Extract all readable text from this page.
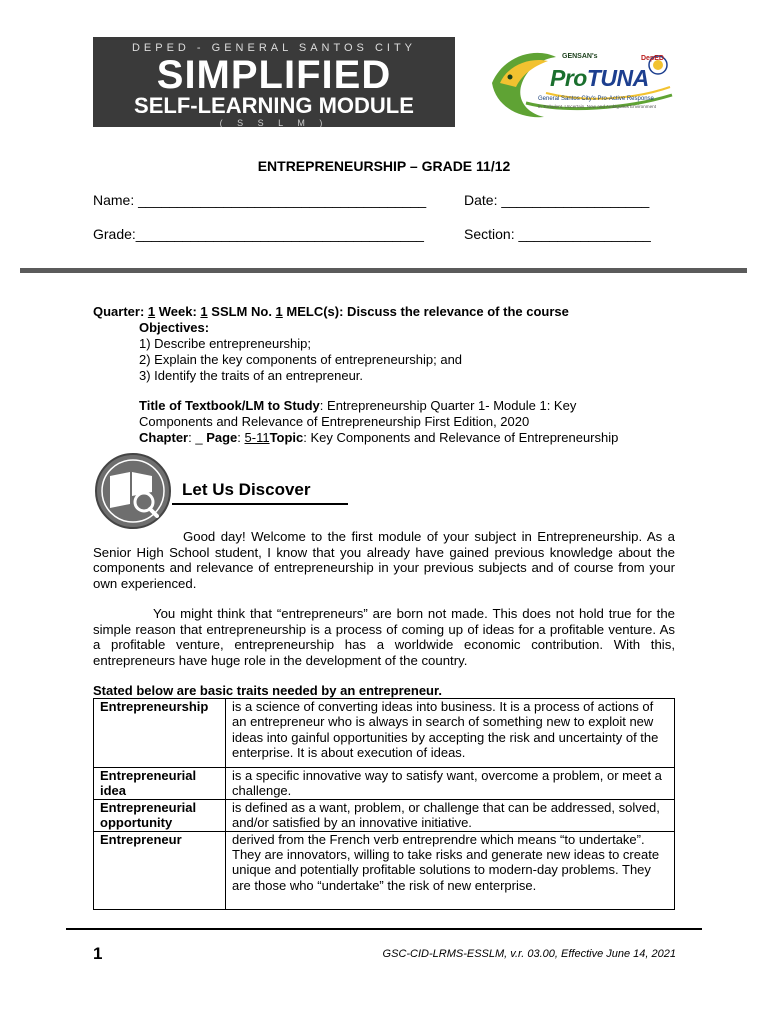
DEPED - GENERAL SANTOS CITY
SIMPLIFIED
SELF-LEARNING MODULE
( S S L M )
GENSAN's	DepED
ProTUNA
General Santos City's Pro-Active Response
in Turbulent, Uncertain, New and Ambiguous Environment
ENTREPRENEURSHIP – GRADE 11/12
Name: _____________________________________	Date: ___________________
Grade:_____________________________________	Section: _________________
Quarter: 1 Week: 1 SSLM No. 1 MELC(s): Discuss the relevance of the course
Objectives:
1) Describe entrepreneurship;
2) Explain the key components of entrepreneurship; and
3) Identify the traits of an entrepreneur.
Title of Textbook/LM to Study: Entrepreneurship Quarter 1- Module 1: Key
Components and Relevance of Entrepreneurship First Edition, 2020
Chapter: _ Page: 5-11Topic: Key Components and Relevance of Entrepreneurship
Let Us Discover
Good day! Welcome to the first module of your subject in Entrepreneurship. As a Senior High School student, I know that you already have gained previous knowledge about the components and relevance of entrepreneurship in your previous subjects and of course from your own experienced.
You might think that “entrepreneurs” are born not made. This does not hold true for the simple reason that entrepreneurship is a process of coming up of ideas for a profitable venture. As a profitable venture, entrepreneurship has a worldwide economic contribution. With this, entrepreneurs have huge role in the development of the country.
Stated below are basic traits needed by an entrepreneur.
Entrepreneurship	is a science of converting ideas into business. It is a process of actions of an entrepreneur who is always in search of something new to exploit new ideas into gainful opportunities by accepting the risk and uncertainty of the enterprise. It is about execution of ideas.
Entrepreneurial idea	is a specific innovative way to satisfy want, overcome a problem, or meet a challenge.
Entrepreneurial opportunity	is defined as a want, problem, or challenge that can be addressed, solved, and/or satisfied by an innovative initiative.
Entrepreneur	derived from the French verb entreprendre which means “to undertake”. They are innovators, willing to take risks and generate new ideas to create unique and potentially profitable solutions to modern-day problems. They are those who “undertake” the risk of new enterprise.
1	GSC-CID-LRMS-ESSLM, v.r. 03.00, Effective June 14, 2021
